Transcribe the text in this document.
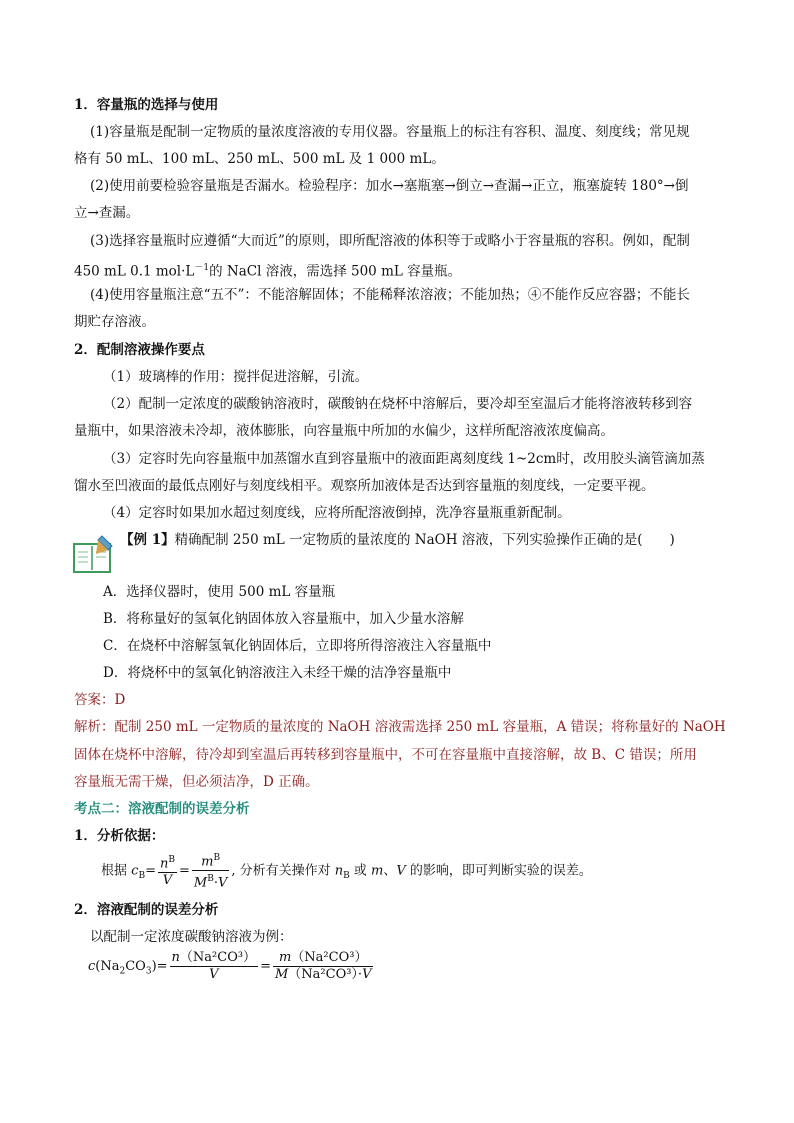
1．容量瓶的选择与使用
(1)容量瓶是配制一定物质的量浓度溶液的专用仪器。容量瓶上的标注有容积、温度、刻度线；常见规
格有 50 mL、100 mL、250 mL、500 mL 及 1 000 mL。
(2)使用前要检验容量瓶是否漏水。检验程序：加水→塞瓶塞→倒立→查漏→正立，瓶塞旋转 180°→倒
立→查漏。
(3)选择容量瓶时应遵循“大而近”的原则，即所配溶液的体积等于或略小于容量瓶的容积。例如，配制
450 mL 0.1 $mol\cdot L^{-1}$的 NaCl 溶液，需选择 500 mL 容量瓶。
(4)使用容量瓶注意“五不”：不能溶解固体；不能稀释浓溶液；不能加热；④不能作反应容器；不能长
期贮存溶液。
2．配制溶液操作要点
（1）玻璃棒的作用：搅拌促进溶解，引流。
（2）配制一定浓度的碳酸钠溶液时，碳酸钠在烧杯中溶解后，要冷却至室温后才能将溶液转移到容
量瓶中，如果溶液未冷却，液体膨胀，向容量瓶中所加的水偏少，这样所配溶液浓度偏高。
（3）定容时先向容量瓶中加蒸馏水直到容量瓶中的液面距离刻度线 1~2cm时，改用胶头滴管滴加蒸
馏水至凹液面的最低点刚好与刻度线相平。观察所加液体是否达到容量瓶的刻度线，一定要平视。
（4）定容时如果加水超过刻度线，应将所配溶液倒掉，洗净容量瓶重新配制。
【例 1】精确配制 250 mL 一定物质的量浓度的 NaOH 溶液，下列实验操作正确的是(　　)
A．选择仪器时，使用 500 mL 容量瓶
B．将称量好的氢氧化钠固体放入容量瓶中，加入少量水溶解
C．在烧杯中溶解氢氧化钠固体后，立即将所得溶液注入容量瓶中
D．将烧杯中的氢氧化钠溶液注入未经干燥的洁净容量瓶中
答案：D
解析：配制 250 mL 一定物质的量浓度的 NaOH 溶液需选择 250 mL 容量瓶，A 错误；将称量好的 NaOH
固体在烧杯中溶解，待冷却到室温后再转移到容量瓶中，不可在容量瓶中直接溶解，故 B、C 错误；所用
容量瓶无需干燥，但必须洁净，D 正确。
考点二：溶液配制的误差分析
1．分析依据：
根据 $c_B= \frac{n^B}{V} = \frac{m^B}{M^B\cdot V}$ , 分析有关操作对 $n_B$ 或 m、V 的影响，即可判断实验的误差。
2．溶液配制的误差分析
以配制一定浓度碳酸钠溶液为例：
$c(Na_2CO_3)= \frac{\text{n（Na²CO³）}}{V} = \frac{\text{m（Na²CO³）}}{\text{M（Na²CO³）·V}}$
